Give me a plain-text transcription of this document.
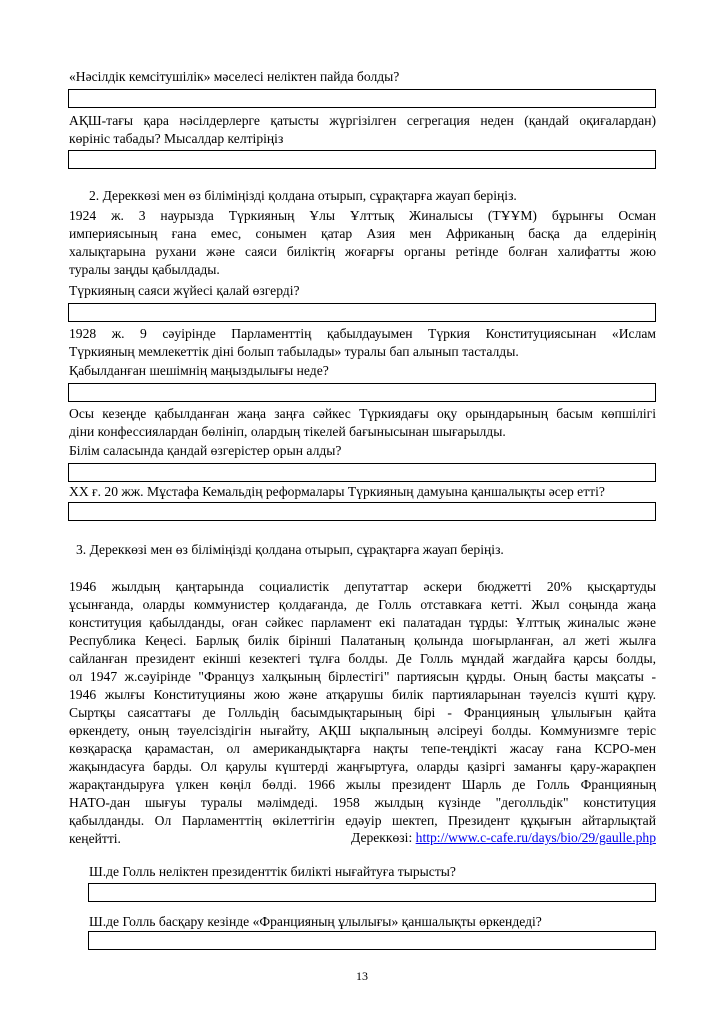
«Нәсілдік кемсітушілік» мәселесі неліктен пайда болды?
АҚШ-тағы қара нәсілдерлерге қатысты жүргізілген сегрегация неден (қандай оқиғалардан)
көрініс табады? Мысалдар келтіріңіз
2. Дереккөзі мен өз біліміңізді қолдана отырып, сұрақтарға жауап беріңіз.
1924 ж. 3 наурызда Түркияның Ұлы Ұлттық Жиналысы (ТҰҰМ) бұрынғы Осман
империясының ғана емес, сонымен қатар Азия мен Африканың басқа да елдерінің
халықтарына рухани және саяси биліктің жоғарғы органы ретінде болған халифатты жою
туралы заңды қабылдады.
Түркияның саяси жүйесі қалай өзгерді?
1928 ж. 9 сәуірінде Парламенттің қабылдауымен Түркия Конституциясынан «Ислам
Түркияның мемлекеттік діні болып табылады» туралы бап алынып тасталды.
Қабылданған шешімнің маңыздылығы неде?
Осы кезеңде қабылданған жаңа заңға сәйкес Түркиядағы оқу орындарының басым көпшілігі
діни конфессиялардан бөлініп, олардың тікелей бағынысынан шығарылды.
Білім саласында қандай өзгерістер орын алды?
XX ғ. 20 жж. Мұстафа Кемальдің реформалары Түркияның дамуына қаншалықты әсер етті?
3. Дереккөзі мен өз біліміңізді қолдана отырып, сұрақтарға жауап беріңіз.
1946 жылдың қаңтарында социалистік депутаттар әскери бюджетті 20% қысқартуды
ұсынғанда, оларды коммунистер қолдағанда, де Голль отставкаға кетті. Жыл соңында жаңа
конституция қабылданды, оған сәйкес парламент екі палатадан тұрды: Ұлттық жиналыс және
Республика Кеңесі. Барлық билік бірінші Палатаның қолында шоғырланған, ал жеті жылға
сайланған президент екінші кезектегі тұлға болды. Де Голль мұндай жағдайға қарсы болды,
ол 1947 ж.сәуірінде "Француз халқының бірлестігі" партиясын құрды. Оның басты мақсаты -
1946 жылғы Конституцияны жою және атқарушы билік партияларынан тәуелсіз күшті құру.
Сыртқы саясаттағы де Голльдің басымдықтарының бірі - Францияның ұлылығын қайта
өркендету, оның тәуелсіздігін нығайту, АҚШ ықпалының әлсіреуі болды. Коммунизмге теріс
көзқарасқа қарамастан, ол американдықтарға нақты тепе-теңдікті жасау ғана КСРО-мен
жақындасуға барды. Ол қарулы күштерді жаңғыртуға, оларды қазіргі заманғы қару-жарақпен
жарақтандыруға үлкен көңіл бөлді. 1966 жылы президент Шарль де Голль Францияның
НАТО-дан шығуы туралы мәлімдеді. 1958 жылдың күзінде "деголльдік" конституция
қабылданды. Ол Парламенттің өкілеттігін едәуір шектеп, Президент құқығын айтарлықтай
кеңейтті.	Дереккөзі: http://www.c-cafe.ru/days/bio/29/gaulle.php
Ш.де Голль неліктен президенттік билікті нығайтуға тырысты?
Ш.де Голль басқару кезінде «Францияның ұлылығы» қаншалықты өркендеді?
13
